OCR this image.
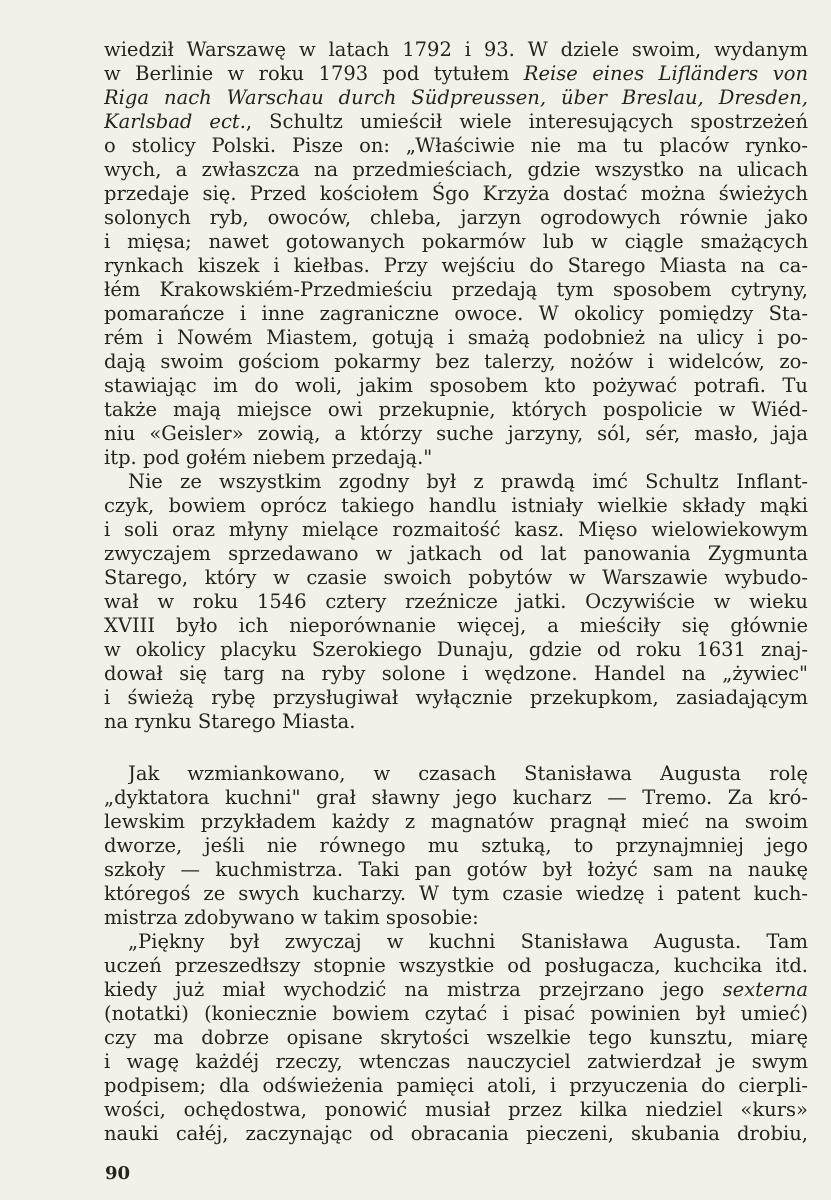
wiedził Warszawę w latach 1792 i 93. W dziele swoim, wydanym

w Berlinie w roku 1793 pod tytułem Reise eines Lifländers von

Riga nach Warschau durch Südpreussen, über Breslau, Dresden,

Karlsbad ect., Schultz umieścił wiele interesujących spostrzeżeń

o stolicy Polski. Pisze on: „Właściwie nie ma tu placów rynko-

wych, a zwłaszcza na przedmieściach, gdzie wszystko na ulicach

przedaje się. Przed kościołem Śgo Krzyża dostać można świeżych

solonych ryb, owoców, chleba, jarzyn ogrodowych równie jako

i mięsa; nawet gotowanych pokarmów lub w ciągle smażących

rynkach kiszek i kiełbas. Przy wejściu do Starego Miasta na ca-

łém Krakowskiém-Przedmieściu przedają tym sposobem cytryny,

pomarańcze i inne zagraniczne owoce. W okolicy pomiędzy Sta-

rém i Nowém Miastem, gotują i smażą podobnież na ulicy i po-

dają swoim gościom pokarmy bez talerzy, nożów i widelców, zo-

stawiając im do woli, jakim sposobem kto pożywać potrafi. Tu

także mają miejsce owi przekupnie, których pospolicie w Wiéd-

niu «Geisler» zowią, a którzy suche jarzyny, sól, sér, masło, jaja

itp. pod gołém niebem przedają."

Nie ze wszystkim zgodny był z prawdą imć Schultz Inflant-

czyk, bowiem oprócz takiego handlu istniały wielkie składy mąki

i soli oraz młyny mielące rozmaitość kasz. Mięso wielowiekowym

zwyczajem sprzedawano w jatkach od lat panowania Zygmunta

Starego, który w czasie swoich pobytów w Warszawie wybudo-

wał w roku 1546 cztery rzeźnicze jatki. Oczywiście w wieku

XVIII było ich nieporównanie więcej, a mieściły się głównie

w okolicy placyku Szerokiego Dunaju, gdzie od roku 1631 znaj-

dował się targ na ryby solone i wędzone. Handel na „żywiec"

i świeżą rybę przysługiwał wyłącznie przekupkom, zasiadającym

na rynku Starego Miasta.

Jak wzmiankowano, w czasach Stanisława Augusta rolę

„dyktatora kuchni" grał sławny jego kucharz — Tremo. Za kró-

lewskim przykładem każdy z magnatów pragnął mieć na swoim

dworze, jeśli nie równego mu sztuką, to przynajmniej jego

szkoły — kuchmistrza. Taki pan gotów był łożyć sam na naukę

któregoś ze swych kucharzy. W tym czasie wiedzę i patent kuch-

mistrza zdobywano w takim sposobie:

„Piękny był zwyczaj w kuchni Stanisława Augusta. Tam

uczeń przeszedłszy stopnie wszystkie od posługacza, kuchcika itd.

kiedy już miał wychodzić na mistrza przejrzano jego sexterna

(notatki) (koniecznie bowiem czytać i pisać powinien był umieć)

czy ma dobrze opisane skrytości wszelkie tego kunsztu, miarę

i wagę każdéj rzeczy, wtenczas nauczyciel zatwierdzał je swym

podpisem; dla odświeżenia pamięci atoli, i przyuczenia do cierpli-

wości, ochędostwa, ponowić musiał przez kilka niedziel «kurs»

nauki całéj, zaczynając od obracania pieczeni, skubania drobiu,

90
